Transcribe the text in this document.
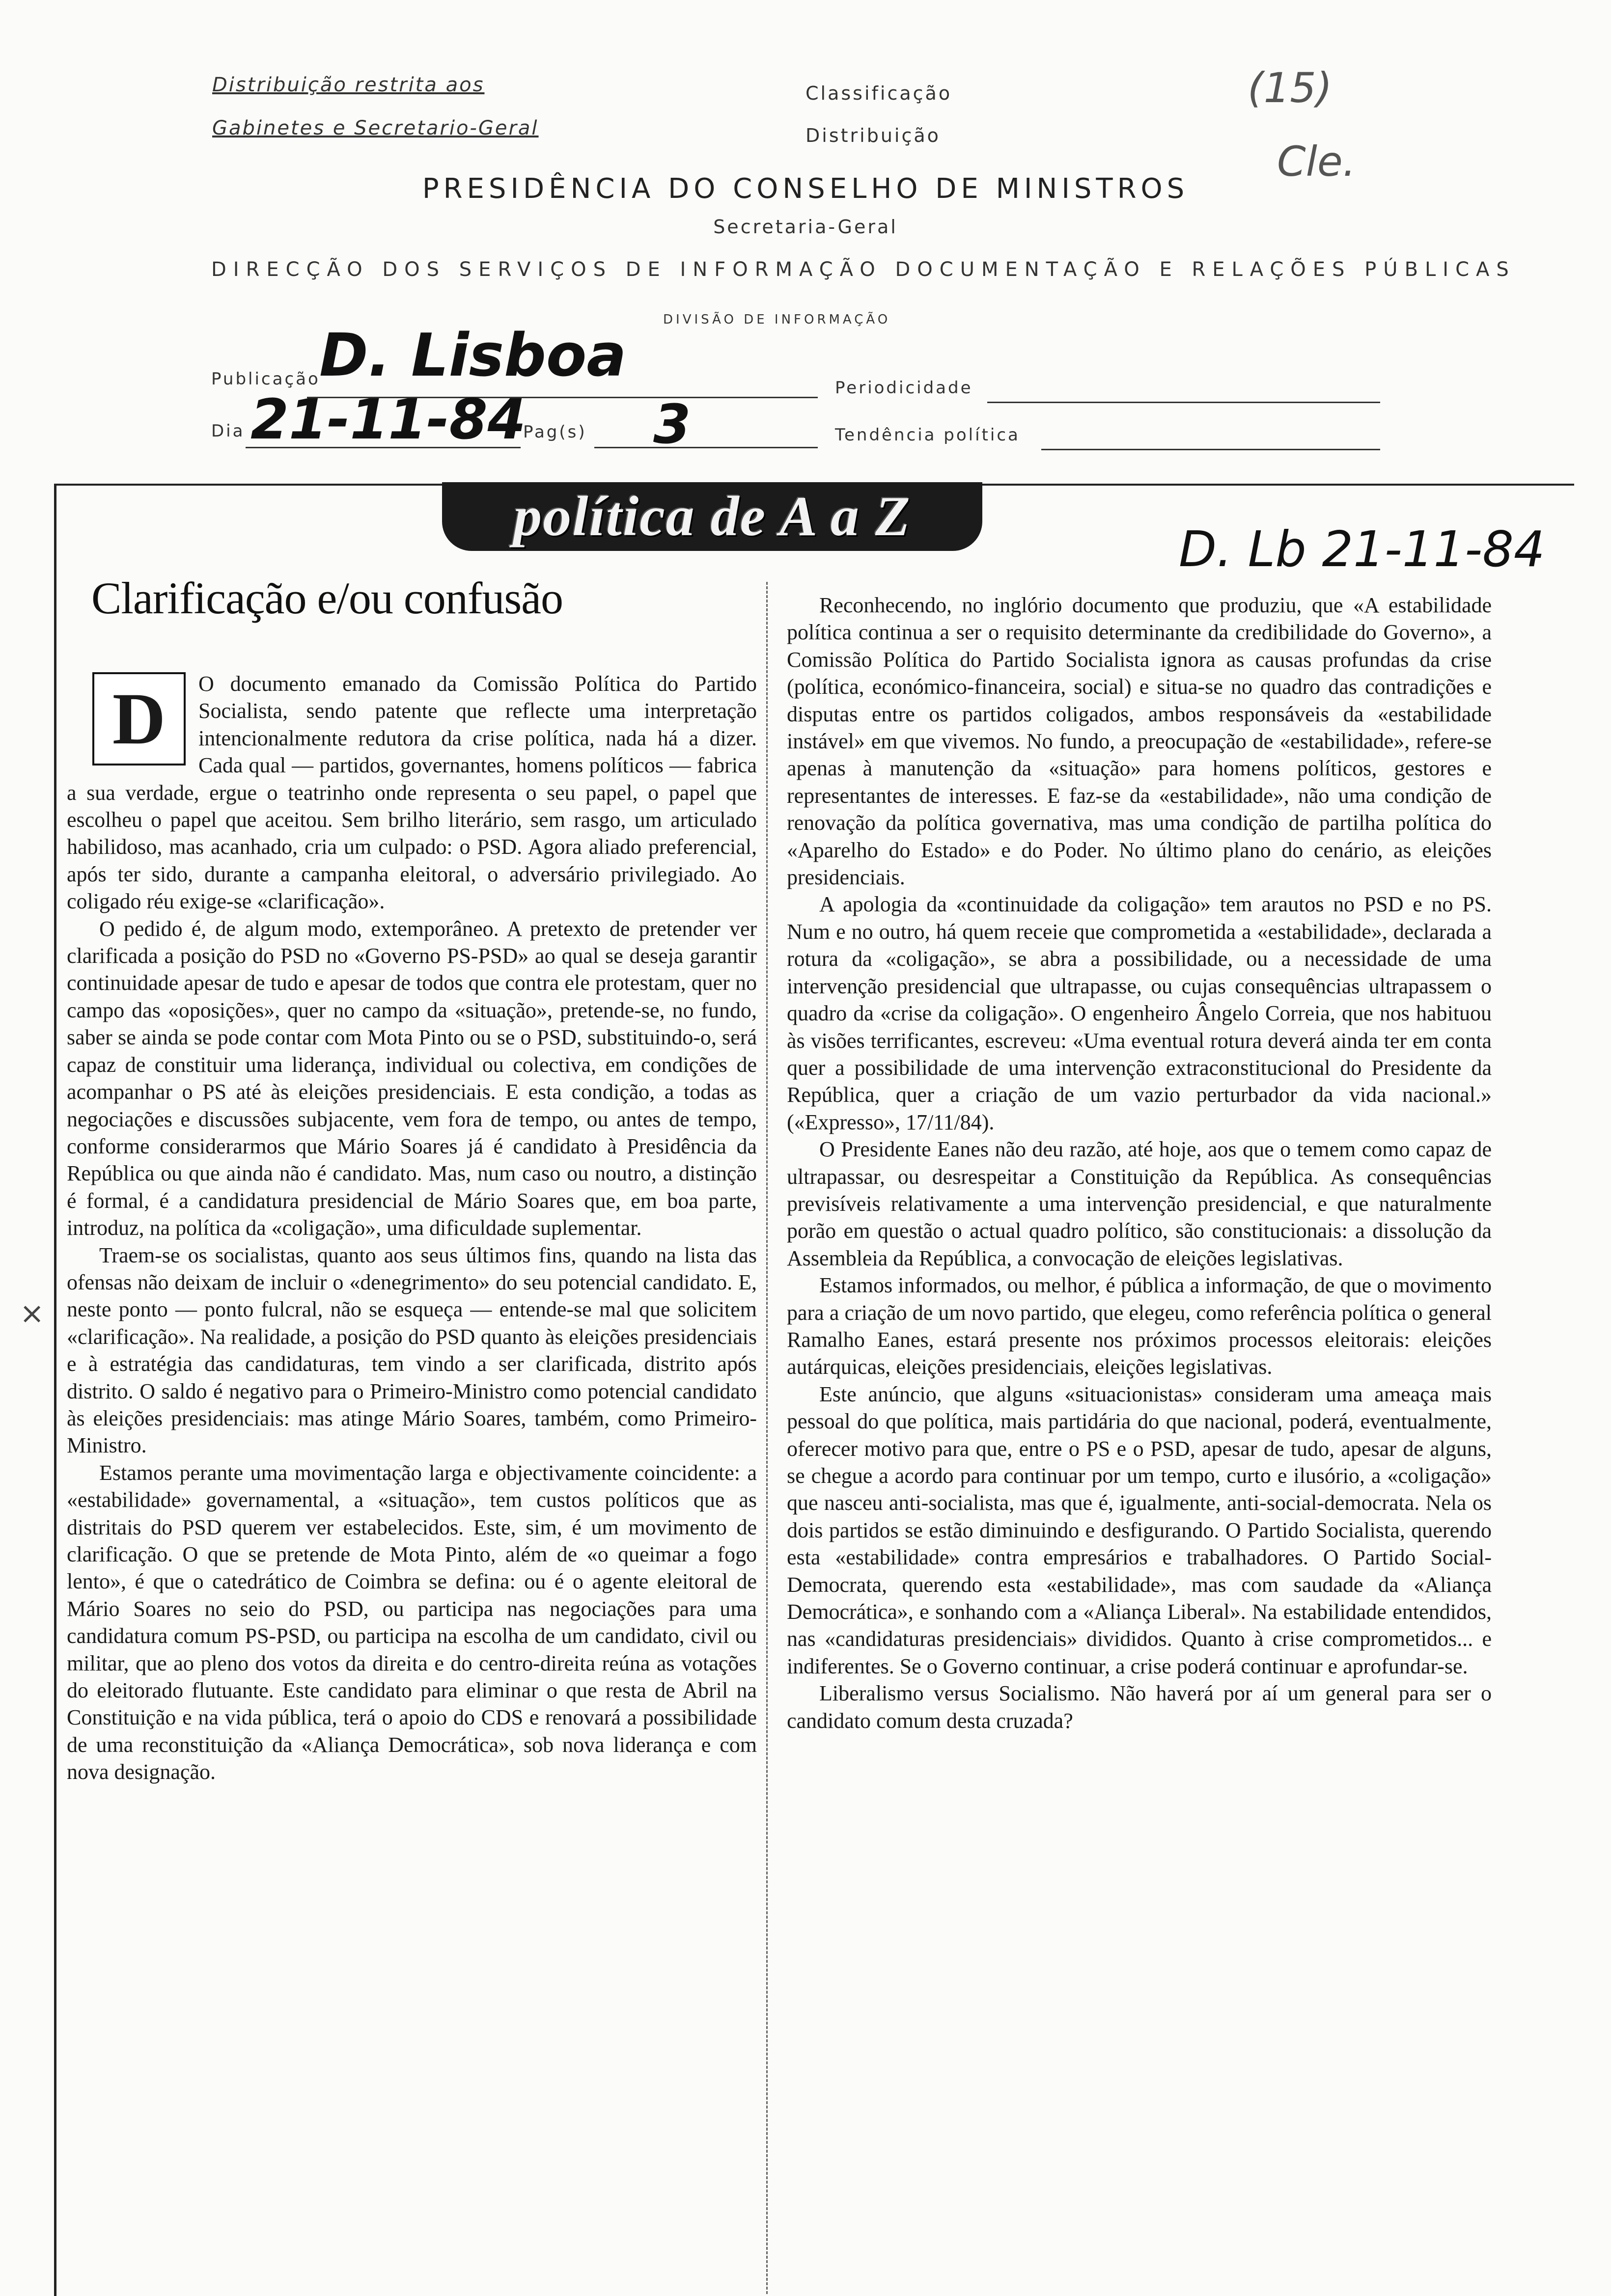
Distribuição restrita aos
Gabinetes e Secretario-Geral
Classificação
Distribuição
PRESIDÊNCIA DO CONSELHO DE MINISTROS
Secretaria-Geral
DIRECÇÃO DOS SERVIÇOS DE INFORMAÇÃO DOCUMENTAÇÃO E RELAÇÕES PÚBLICAS
DIVISÃO DE INFORMAÇÃO
(15)
Cle.
Publicação
D. Lisboa	Periodicidade
Dia 21-11-84
Pag(s) 3	Tendência política
política de A a Z
D. Lb 21-11-84
Clarificação e/ou confusão
×
D	O documento emanado da Comissão Política do Partido Socialista, sendo patente que reflecte uma interpretação intencionalmente redutora da crise política, nada há a dizer. Cada qual — partidos, governantes, homens políticos — fabrica a sua verdade, ergue o teatrinho onde representa o seu papel, o papel que escolheu o papel que aceitou. Sem brilho literário, sem rasgo, um articulado habilidoso, mas acanhado, cria um culpado: o PSD. Agora aliado preferencial, após ter sido, durante a campanha eleitoral, o adversário privilegiado. Ao coligado réu exige-se «clarificação».

O pedido é, de algum modo, extemporâneo. A pretexto de pretender ver clarificada a posição do PSD no «Governo PS-PSD» ao qual se deseja garantir continuidade apesar de tudo e apesar de todos que contra ele protestam, quer no campo das «oposições», quer no campo da «situação», pretende-se, no fundo, saber se ainda se pode contar com Mota Pinto ou se o PSD, substituindo-o, será capaz de constituir uma liderança, individual ou colectiva, em condições de acompanhar o PS até às eleições presidenciais. E esta condição, a todas as negociações e discussões subjacente, vem fora de tempo, ou antes de tempo, conforme considerarmos que Mário Soares já é candidato à Presidência da República ou que ainda não é candidato. Mas, num caso ou noutro, a distinção é formal, é a candidatura presidencial de Mário Soares que, em boa parte, introduz, na política da «coligação», uma dificuldade suplementar.

Traem-se os socialistas, quanto aos seus últimos fins, quando na lista das ofensas não deixam de incluir o «denegrimento» do seu potencial candidato. E, neste ponto — ponto fulcral, não se esqueça — entende-se mal que solicitem «clarificação». Na realidade, a posição do PSD quanto às eleições presidenciais e à estratégia das candidaturas, tem vindo a ser clarificada, distrito após distrito. O saldo é negativo para o Primeiro-Ministro como potencial candidato às eleições presidenciais: mas atinge Mário Soares, também, como Primeiro-Ministro.

Estamos perante uma movimentação larga e objectivamente coincidente: a «estabilidade» governamental, a «situação», tem custos políticos que as distritais do PSD querem ver estabelecidos. Este, sim, é um movimento de clarificação. O que se pretende de Mota Pinto, além de «o queimar a fogo lento», é que o catedrático de Coimbra se defina: ou é o agente eleitoral de Mário Soares no seio do PSD, ou participa nas negociações para uma candidatura comum PS-PSD, ou participa na escolha de um candidato, civil ou militar, que ao pleno dos votos da direita e do centro-direita reúna as votações do eleitorado flutuante. Este candidato para eliminar o que resta de Abril na Constituição e na vida pública, terá o apoio do CDS e renovará a possibilidade de uma reconstituição da «Aliança Democrática», sob nova liderança e com nova designação.

Reconhecendo, no inglório documento que produziu, que «A estabilidade política continua a ser o requisito determinante da credibilidade do Governo», a Comissão Política do Partido Socialista ignora as causas profundas da crise (política, económico-financeira, social) e situa-se no quadro das contradições e disputas entre os partidos coligados, ambos responsáveis da «estabilidade instável» em que vivemos. No fundo, a preocupação de «estabilidade», refere-se apenas à manutenção da «situação» para homens políticos, gestores e representantes de interesses. E faz-se da «estabilidade», não uma condição de renovação da política governativa, mas uma condição de partilha política do «Aparelho do Estado» e do Poder. No último plano do cenário, as eleições presidenciais.

A apologia da «continuidade da coligação» tem arautos no PSD e no PS. Num e no outro, há quem receie que comprometida a «estabilidade», declarada a rotura da «coligação», se abra a possibilidade, ou a necessidade de uma intervenção presidencial que ultrapasse, ou cujas consequências ultrapassem o quadro da «crise da coligação». O engenheiro Ângelo Correia, que nos habituou às visões terrificantes, escreveu: «Uma eventual rotura deverá ainda ter em conta quer a possibilidade de uma intervenção extraconstitucional do Presidente da República, quer a criação de um vazio perturbador da vida nacional.» («Expresso», 17/11/84).

O Presidente Eanes não deu razão, até hoje, aos que o temem como capaz de ultrapassar, ou desrespeitar a Constituição da República. As consequências previsíveis relativamente a uma intervenção presidencial, e que naturalmente porão em questão o actual quadro político, são constitucionais: a dissolução da Assembleia da República, a convocação de eleições legislativas.

Estamos informados, ou melhor, é pública a informação, de que o movimento para a criação de um novo partido, que elegeu, como referência política o general Ramalho Eanes, estará presente nos próximos processos eleitorais: eleições autárquicas, eleições presidenciais, eleições legislativas.

Este anúncio, que alguns «situacionistas» consideram uma ameaça mais pessoal do que política, mais partidária do que nacional, poderá, eventualmente, oferecer motivo para que, entre o PS e o PSD, apesar de tudo, apesar de alguns, se chegue a acordo para continuar por um tempo, curto e ilusório, a «coligação» que nasceu anti-socialista, mas que é, igualmente, anti-social-democrata. Nela os dois partidos se estão diminuindo e desfigurando. O Partido Socialista, querendo esta «estabilidade» contra empresários e trabalhadores. O Partido Social-Democrata, querendo esta «estabilidade», mas com saudade da «Aliança Democrática», e sonhando com a «Aliança Liberal». Na estabilidade entendidos, nas «candidaturas presidenciais» divididos. Quanto à crise comprometidos... e indiferentes. Se o Governo continuar, a crise poderá continuar e aprofundar-se.

Liberalismo versus Socialismo. Não haverá por aí um general para ser o candidato comum desta cruzada?
